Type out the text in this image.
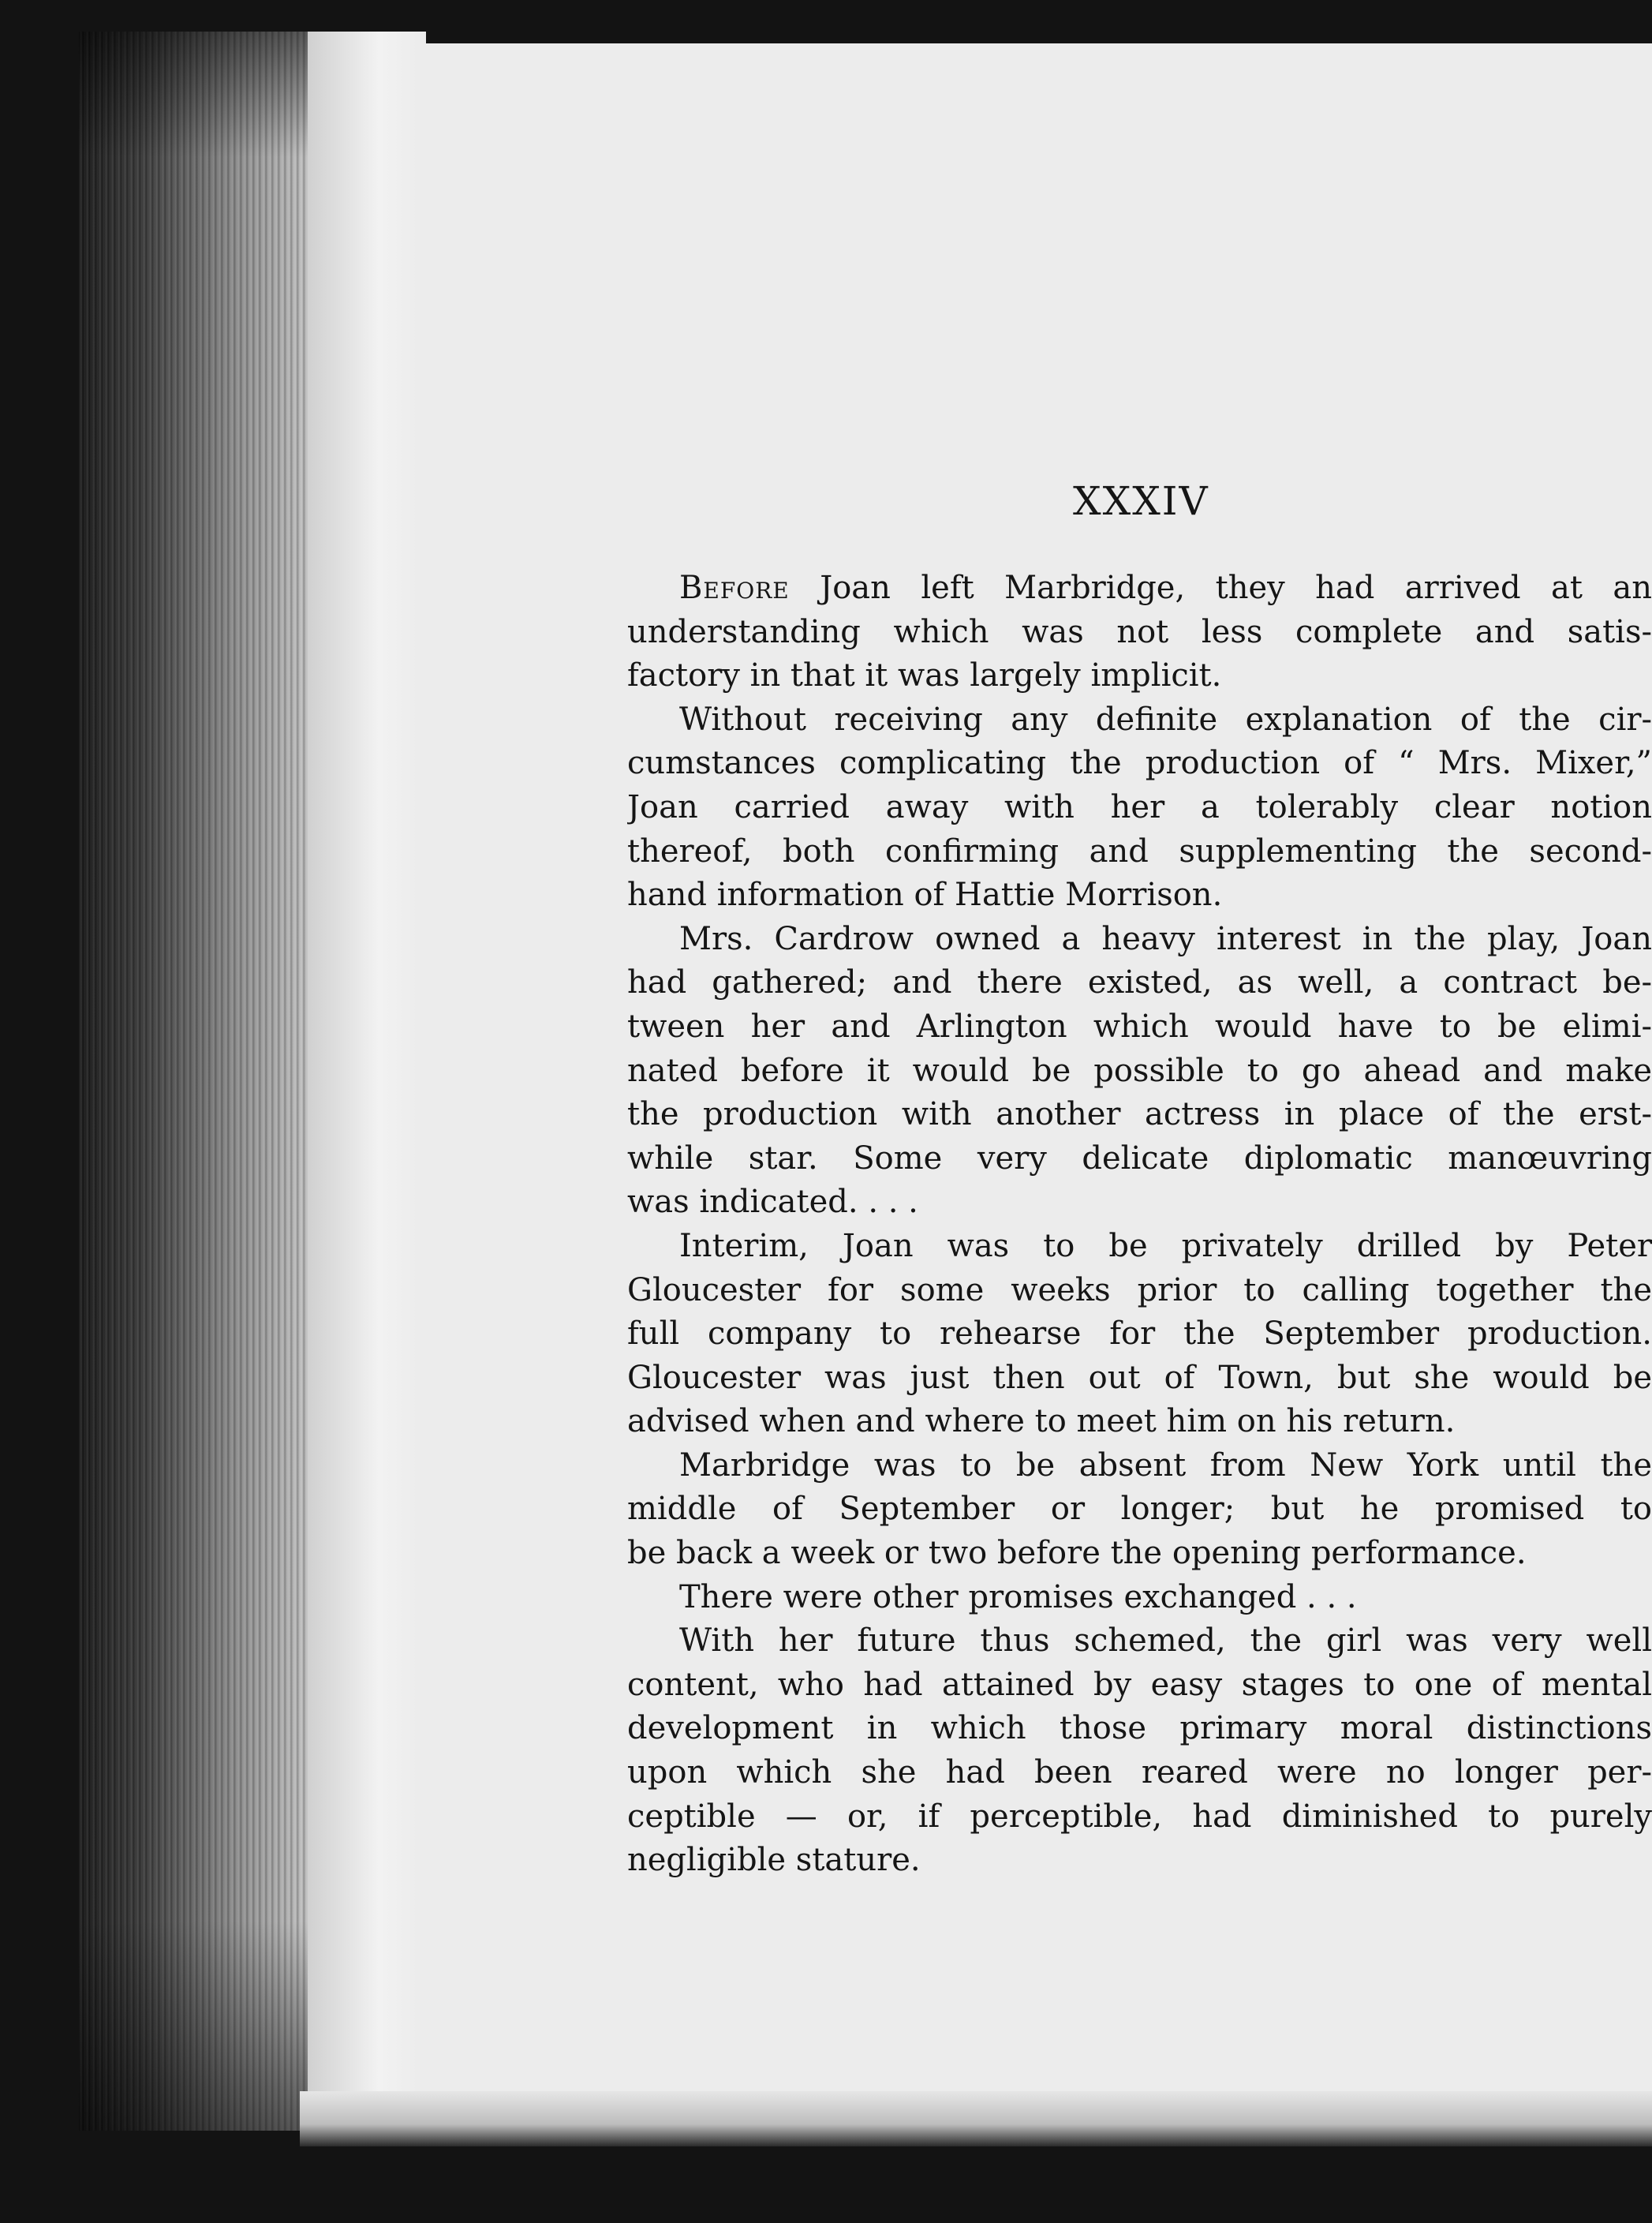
XXXIV
Before Joan left Marbridge, they had arrived at an
understanding which was not less complete and satis-
factory in that it was largely implicit.
Without receiving any definite explanation of the cir-
cumstances complicating the production of “ Mrs. Mixer,”
Joan carried away with her a tolerably clear notion
thereof, both confirming and supplementing the second-
hand information of Hattie Morrison.
Mrs. Cardrow owned a heavy interest in the play, Joan
had gathered; and there existed, as well, a contract be-
tween her and Arlington which would have to be elimi-
nated before it would be possible to go ahead and make
the production with another actress in place of the erst-
while star. Some very delicate diplomatic manœuvring
was indicated. . . .
Interim, Joan was to be privately drilled by Peter
Gloucester for some weeks prior to calling together the
full company to rehearse for the September production.
Gloucester was just then out of Town, but she would be
advised when and where to meet him on his return.
Marbridge was to be absent from New York until the
middle of September or longer; but he promised to
be back a week or two before the opening performance.
There were other promises exchanged . . .
With her future thus schemed, the girl was very well
content, who had attained by easy stages to one of mental
development in which those primary moral distinctions
upon which she had been reared were no longer per-
ceptible — or, if perceptible, had diminished to purely
negligible stature.
